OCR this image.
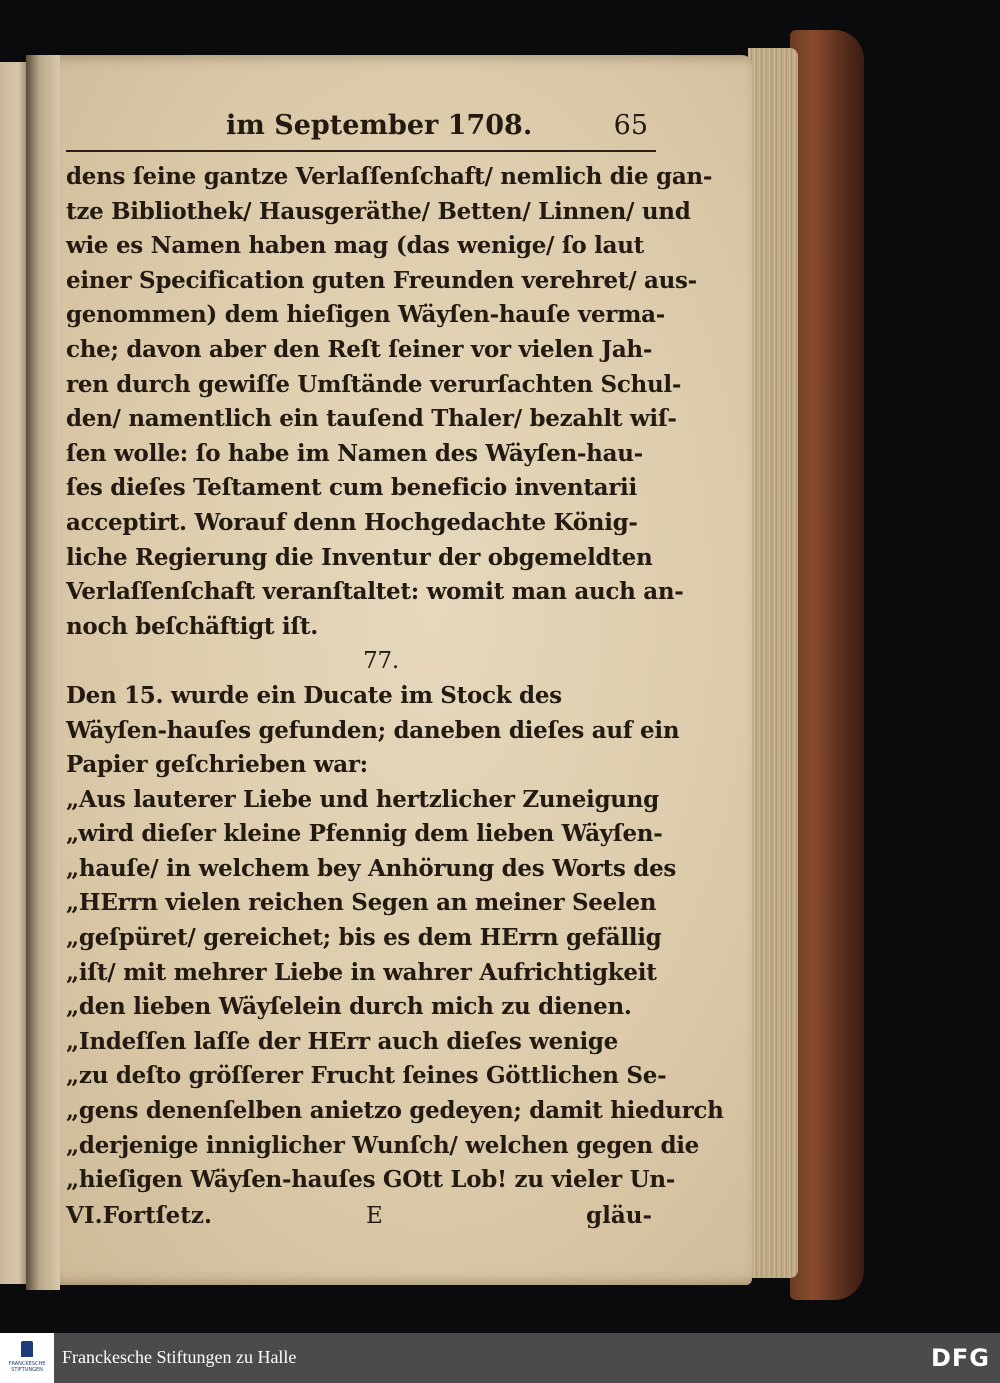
im September 1708.	65
dens ſeine gantze Verlaſſenſchaft/ nemlich die gan-
tze Bibliothek/ Hausgeräthe/ Betten/ Linnen/ und
wie es Namen haben mag (das wenige/ ſo laut
einer Specification guten Freunden verehret/ aus-
genommen) dem hieſigen Wäyſen-hauſe verma-
che; davon aber den Reſt ſeiner vor vielen Jah-
ren durch gewiſſe Umſtände verurſachten Schul-
den/ namentlich ein tauſend Thaler/ bezahlt wiſ-
ſen wolle: ſo habe im Namen des Wäyſen-hau-
ſes dieſes Teſtament cum beneficio inventarii
acceptirt. Worauf denn Hochgedachte König-
liche Regierung die Inventur der obgemeldten
Verlaſſenſchaft veranſtaltet: womit man auch an-
noch beſchäftigt iſt.
77.
Den 15. wurde ein Ducate im Stock des
Wäyſen-hauſes gefunden; daneben dieſes auf ein
Papier geſchrieben war:
„Aus lauterer Liebe und hertzlicher Zuneigung
„wird dieſer kleine Pfennig dem lieben Wäyſen-
„hauſe/ in welchem bey Anhörung des Worts des
„HErrn vielen reichen Segen an meiner Seelen
„geſpüret/ gereichet; bis es dem HErrn gefällig
„iſt/ mit mehrer Liebe in wahrer Aufrichtigkeit
„den lieben Wäyſelein durch mich zu dienen.
„Indeſſen laſſe der HErr auch dieſes wenige
„zu deſto gröſſerer Frucht ſeines Göttlichen Se-
„gens denenſelben anietzo gedeyen; damit hiedurch
„derjenige inniglicher Wunſch/ welchen gegen die
„hieſigen Wäyſen-hauſes GOtt Lob! zu vieler Un-
VI.Fortſetz.	E	gläu-
FRANCKESCHE STIFTUNGEN
Franckesche Stiftungen zu Halle	DFG
